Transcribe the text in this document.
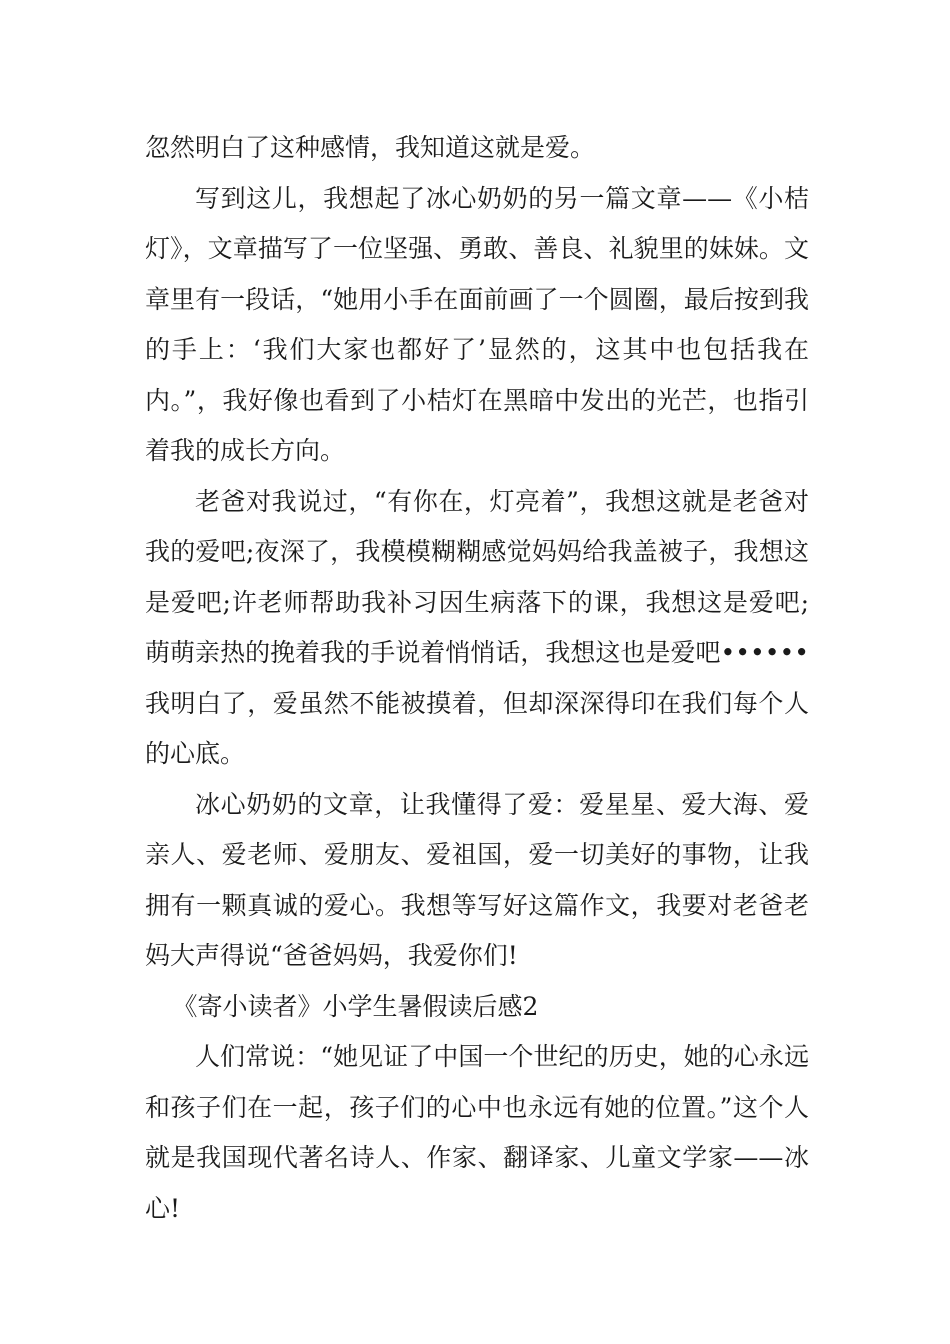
忽然明白了这种感情，我知道这就是爱。

写到这儿，我想起了冰心奶奶的另一篇文章——《小桔灯》，文章描写了一位坚强、勇敢、善良、礼貌里的妹妹。文章里有一段话，“她用小手在面前画了一个圆圈，最后按到我的手上：‘我们大家也都好了’显然的，这其中也包括我在内。”，我好像也看到了小桔灯在黑暗中发出的光芒，也指引着我的成长方向。

老爸对我说过，“有你在，灯亮着”，我想这就是老爸对我的爱吧;夜深了，我模模糊糊感觉妈妈给我盖被子，我想这是爱吧;许老师帮助我补习因生病落下的课，我想这是爱吧;萌萌亲热的挽着我的手说着悄悄话，我想这也是爱吧••••••我明白了，爱虽然不能被摸着，但却深深得印在我们每个人的心底。

冰心奶奶的文章，让我懂得了爱：爱星星、爱大海、爱亲人、爱老师、爱朋友、爱祖国，爱一切美好的事物，让我拥有一颗真诚的爱心。我想等写好这篇作文，我要对老爸老妈大声得说“爸爸妈妈，我爱你们!

《寄小读者》小学生暑假读后感2

人们常说：“她见证了中国一个世纪的历史，她的心永远和孩子们在一起，孩子们的心中也永远有她的位置。”这个人就是我国现代著名诗人、作家、翻译家、儿童文学家——冰心!
